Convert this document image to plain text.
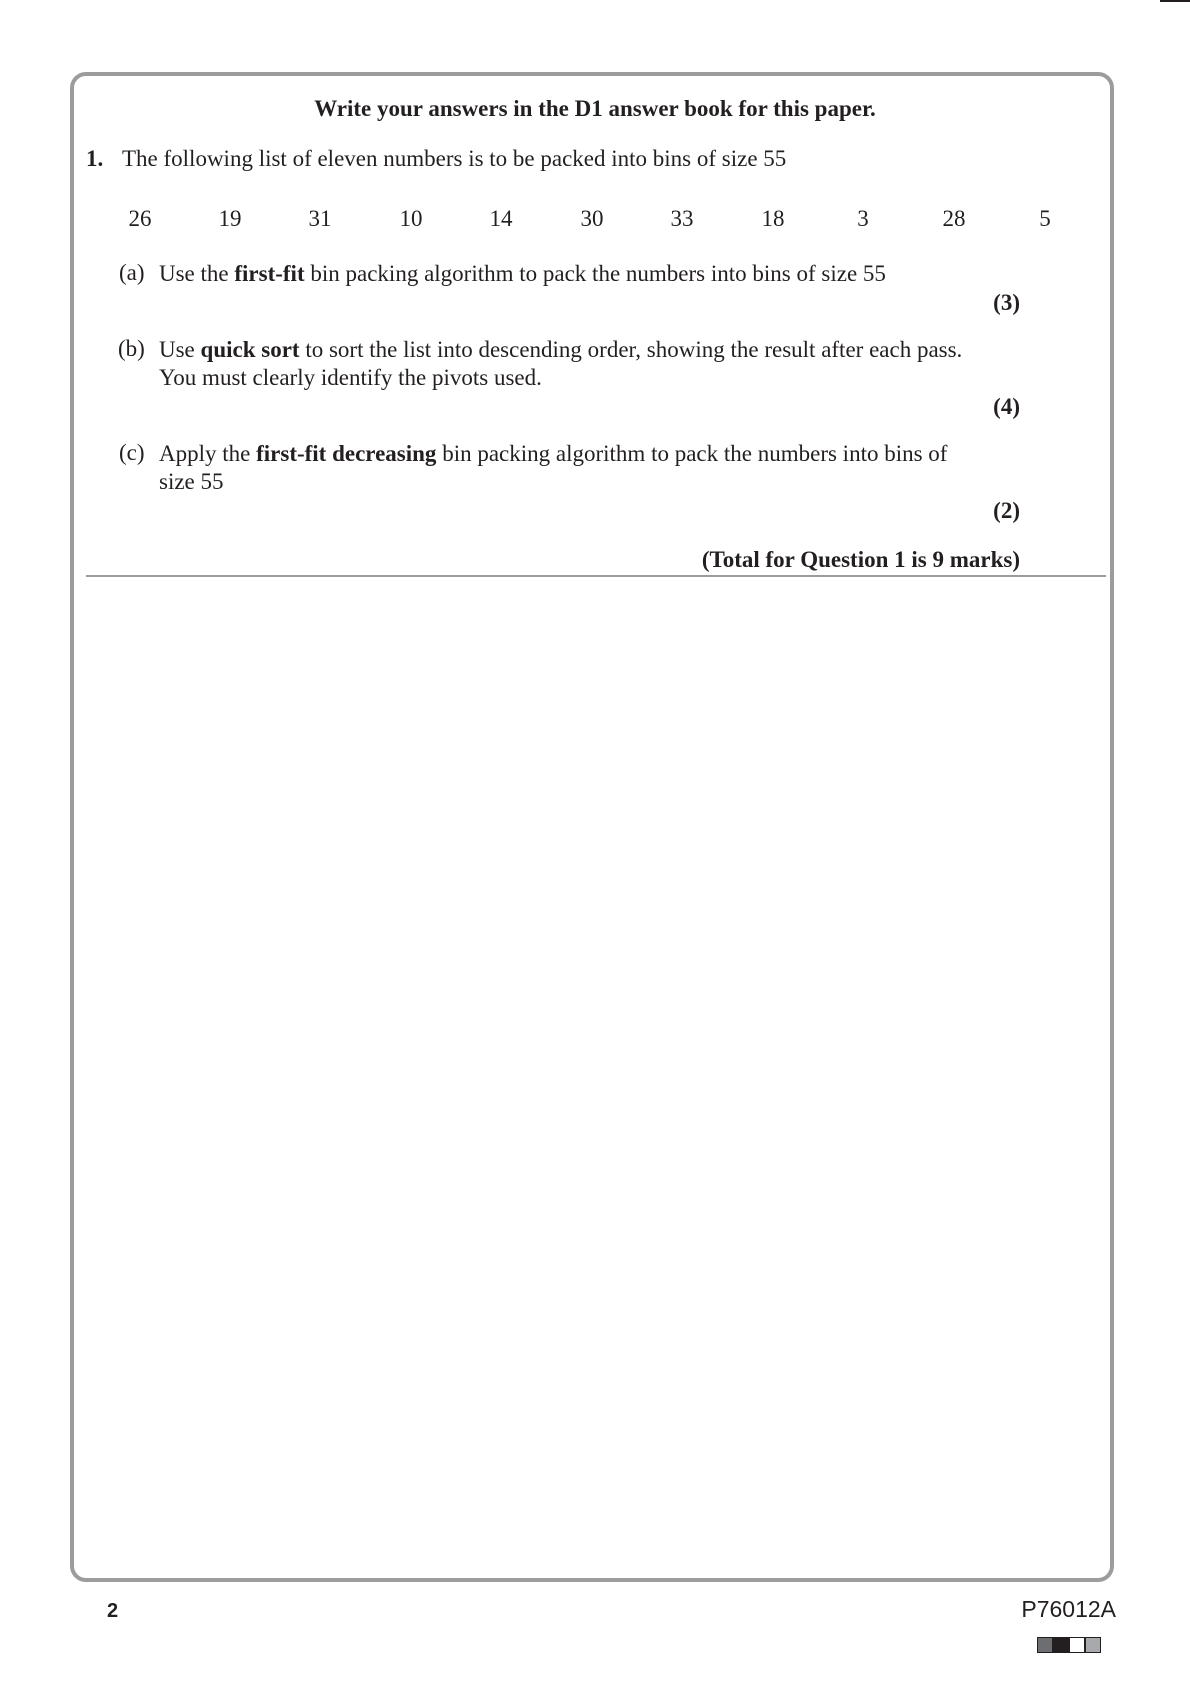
Write your answers in the D1 answer book for this paper.
1. The following list of eleven numbers is to be packed into bins of size 55
26	19	31	10	14	30	33	18	3	28	5
(a) Use the first-fit bin packing algorithm to pack the numbers into bins of size 55
(3)
(b) Use quick sort to sort the list into descending order, showing the result after each pass. You must clearly identify the pivots used.
(4)
(c) Apply the first-fit decreasing bin packing algorithm to pack the numbers into bins of size 55
(2)
(Total for Question 1 is 9 marks)
2	P76012A
